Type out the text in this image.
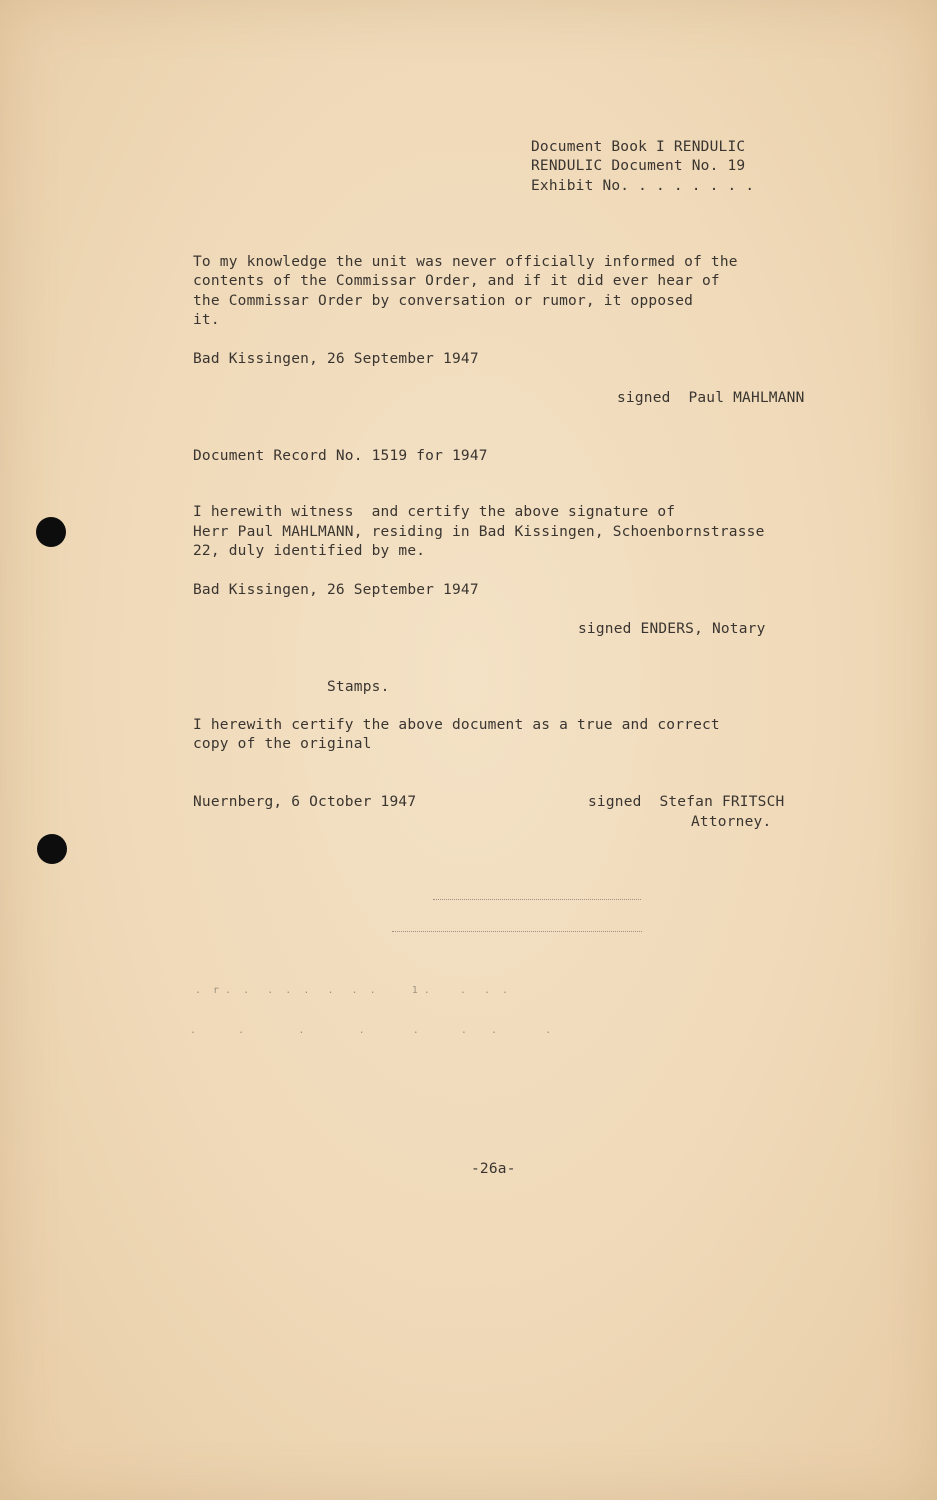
Document Book I RENDULIC
RENDULIC Document No. 19
Exhibit No. . . . . . . .
To my knowledge the unit was never officially informed of the
contents of the Commissar Order, and if it did ever hear of
the Commissar Order by conversation or rumor, it opposed
it.
Bad Kissingen, 26 September 1947
signed  Paul MAHLMANN
Document Record No. 1519 for 1947
I herewith witness  and certify the above signature of
Herr Paul MAHLMANN, residing in Bad Kissingen, Schoenbornstrasse
22, duly identified by me.
Bad Kissingen, 26 September 1947
signed ENDERS, Notary
Stamps.
I herewith certify the above document as a true and correct
copy of the original
Nuernberg, 6 October 1947	signed  Stefan FRITSCH
Attorney.
.  r .  .   .  .  .   .   .  .      1 .     .   .  .
.       .         .         .        .       .    .        .
-26a-
